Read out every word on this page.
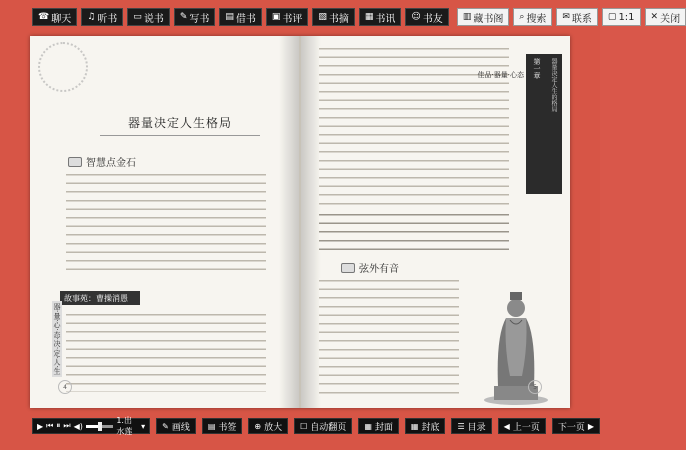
☎ 聊天 ♫ 听书 ▭ 说书 ✎ 写书 ▤ 借书 ▣ 书评 ▧ 书摘 ▦ 书讯 ☺ 书友 ▥ 藏书阁 ⌕ 搜索 ✉ 联系 ▢ 1:1 ✕ 关闭
器量决定人生格局
智慧点金石
故事苑：曹操消愚
器·量·心·态·决·定·人·生
4
第一章 器量决定人生的格局
佳品·器量·心态
弦外有音
5
▶ ⏮ ⏸ ⏭ ◀)
1.出水莲
▾ ✎ 画线 ▤ 书签 ⊕ 放大 ☐ 自动翻页 ▦ 封面 ▦ 封底 ☰ 目录 ◀ 上一页 下一页 ▶
